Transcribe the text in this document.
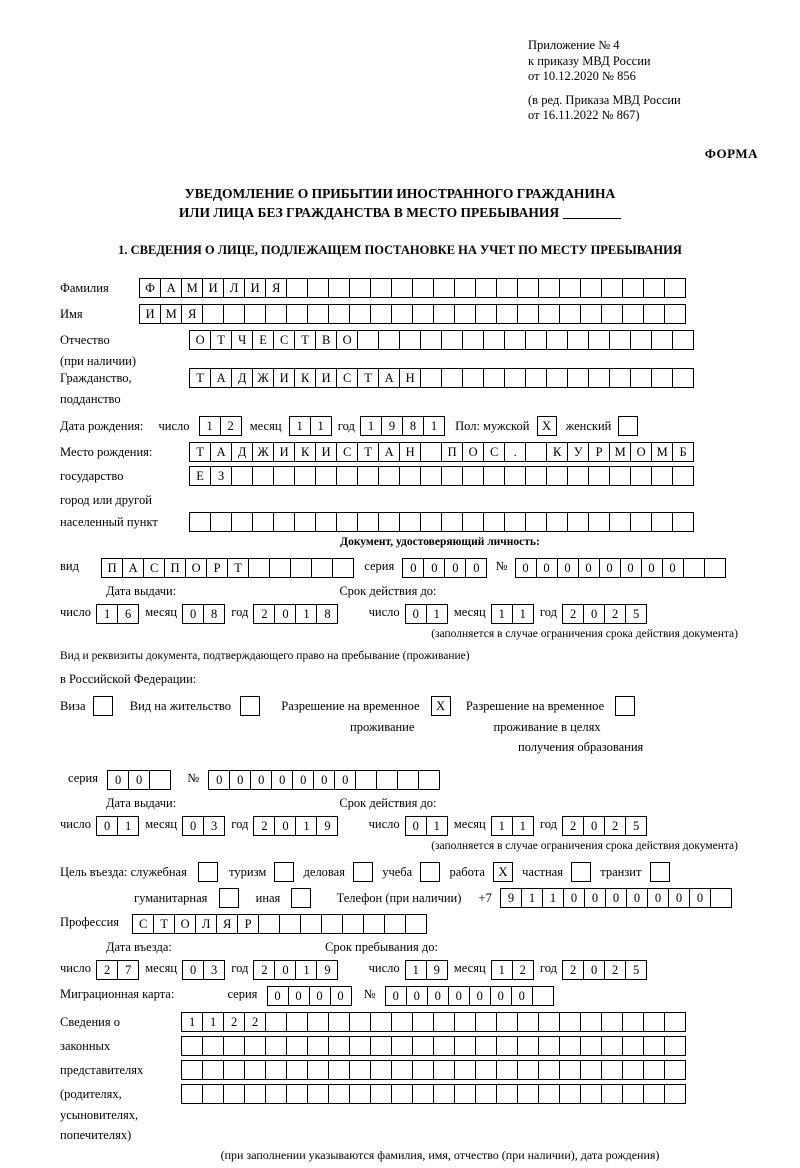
Приложение № 4
к приказу МВД России
от 10.12.2020 № 856
(в ред. Приказа МВД России
от 16.11.2022 № 867)
ФОРМА
УВЕДОМЛЕНИЕ О ПРИБЫТИИ ИНОСТРАННОГО ГРАЖДАНИНА
ИЛИ ЛИЦА БЕЗ ГРАЖДАНСТВА В МЕСТО ПРЕБЫВАНИЯ
1. СВЕДЕНИЯ О ЛИЦЕ, ПОДЛЕЖАЩЕМ ПОСТАНОВКЕ НА УЧЕТ ПО МЕСТУ ПРЕБЫВАНИЯ
Фамилия	Ф А М И Л И Я
Имя	И М Я
Отчество	О Т Ч Е С Т В О
(при наличии)
Гражданство,	Т А Д Ж И К И С Т А Н
подданство
Дата рождения: число 1 2 месяц 1 1 год 1 9 8 1 Пол: мужской Х женский
Место рождения:	Т А Д Ж И К И С Т А Н	П О С .	К У Р М О М Б
государство	Е З
город или другой
населенный пункт
Документ, удостоверяющий личность:
вид П А С П О Р Т	серия 0 0 0 0 № 0 0 0 0 0 0 0 0
Дата выдачи:	Срок действия до:
число 1 6 месяц 0 8 год 2 0 1 8	число 0 1 месяц 1 1 год 2 0 2 5
(заполняется в случае ограничения срока действия документа)
Вид и реквизиты документа, подтверждающего право на пребывание (проживание)
в Российской Федерации:
Виза	Вид на жительство	Разрешение на временное Х Разрешение на временное
проживание	проживание в целях
получения образования
серия 0 0	№ 0 0 0 0 0 0 0
Дата выдачи:	Срок действия до:
число 0 1 месяц 0 3 год 2 0 1 9	число 0 1 месяц 1 1 год 2 0 2 5
(заполняется в случае ограничения срока действия документа)
Цель въезда: служебная	туризм	деловая	учеба	работа Х частная	транзит
гуманитарная	иная	Телефон (при наличии) +7 9 1 1 0 0 0 0 0 0 0
Профессия С Т О Л Я Р
Дата въезда:	Срок пребывания до:
число 2 7 месяц 0 3 год 2 0 1 9	число 1 9 месяц 1 2 год 2 0 2 5
Миграционная карта:	серия 0 0 0 0 № 0 0 0 0 0 0 0
Сведения о	1 1 2 2
законных
представителях
(родителях,
усыновителях,
попечителях)
(при заполнении указываются фамилия, имя, отчество (при наличии), дата рождения)
